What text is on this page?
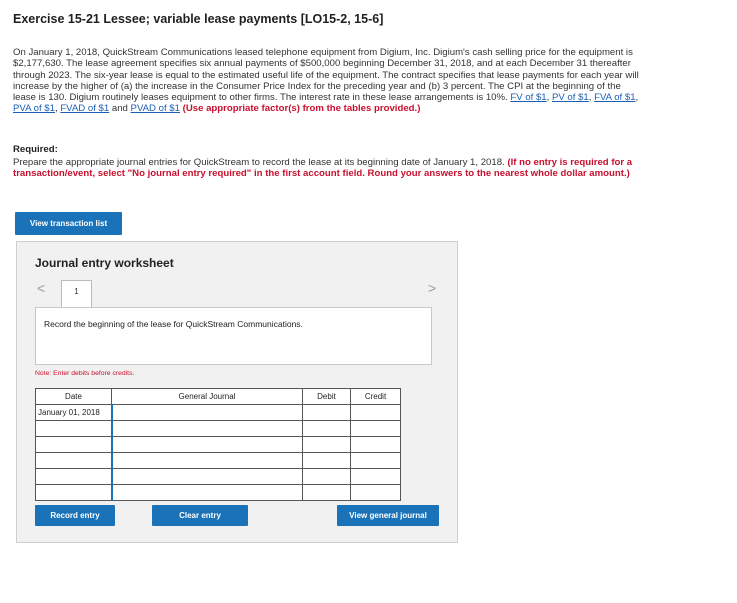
Exercise 15-21 Lessee; variable lease payments [LO15-2, 15-6]
On January 1, 2018, QuickStream Communications leased telephone equipment from Digium, Inc. Digium's cash selling price for the equipment is $2,177,630. The lease agreement specifies six annual payments of $500,000 beginning December 31, 2018, and at each December 31 thereafter through 2023. The six-year lease is equal to the estimated useful life of the equipment. The contract specifies that lease payments for each year will increase by the higher of (a) the increase in the Consumer Price Index for the preceding year and (b) 3 percent. The CPI at the beginning of the lease is 130. Digium routinely leases equipment to other firms. The interest rate in these lease arrangements is 10%. FV of $1, PV of $1, FVA of $1, PVA of $1, FVAD of $1 and PVAD of $1 (Use appropriate factor(s) from the tables provided.)
Required:
Prepare the appropriate journal entries for QuickStream to record the lease at its beginning date of January 1, 2018. (If no entry is required for a transaction/event, select "No journal entry required" in the first account field. Round your answers to the nearest whole dollar amount.)
View transaction list
Journal entry worksheet
<	1	>
Record the beginning of the lease for QuickStream Communications.
Note: Enter debits before credits.
Date	General Journal	Debit	Credit
January 01, 2018			

Record entry	Clear entry	View general journal
